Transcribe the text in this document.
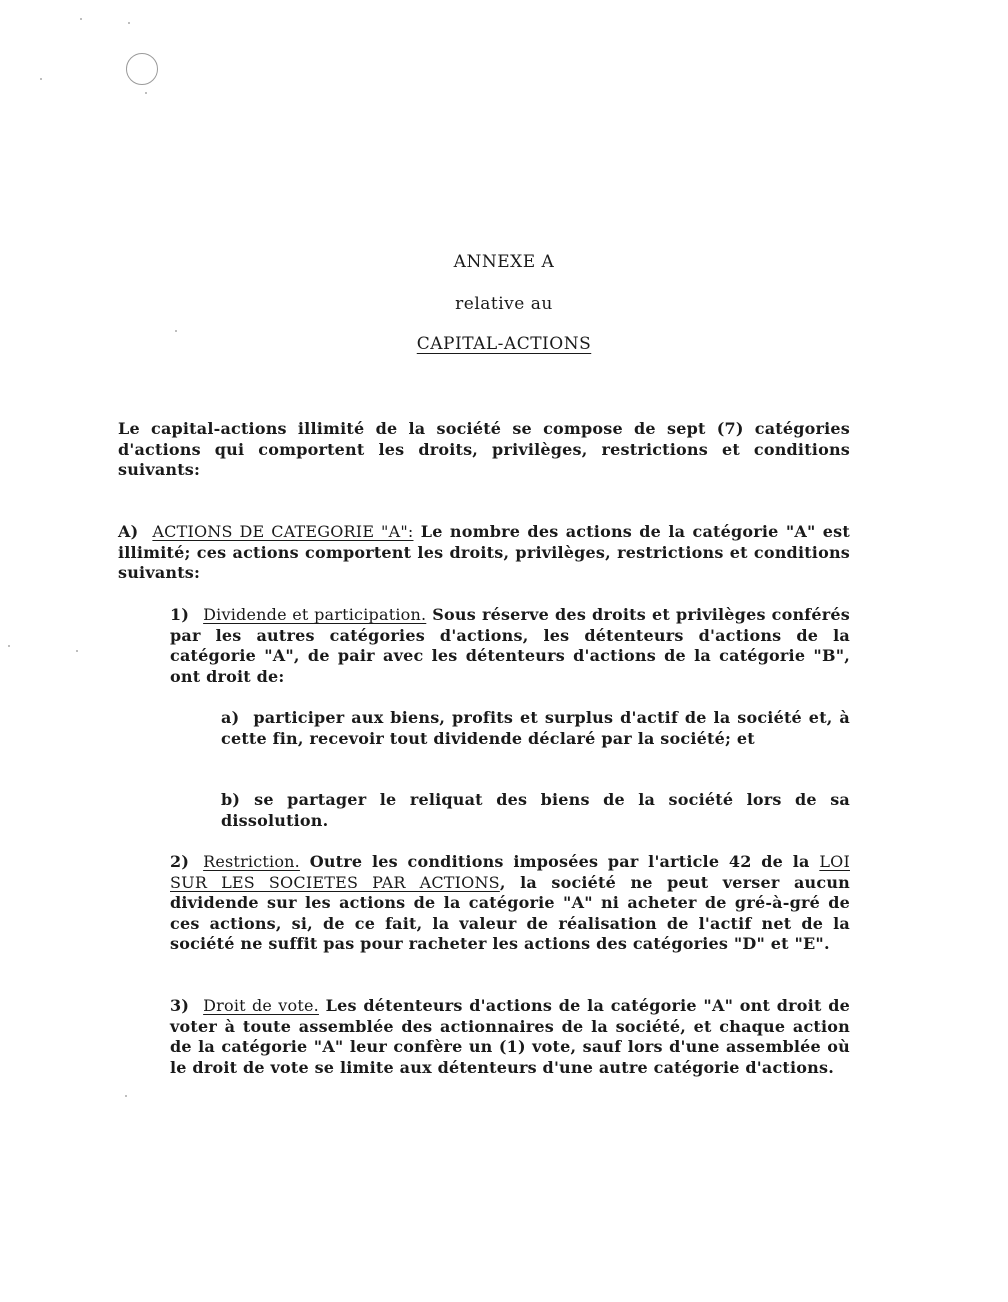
ANNEXE A
relative au
CAPITAL-ACTIONS
Le capital-actions illimité de la société se compose de sept (7) catégories d'actions qui comportent les droits, privilèges, restrictions et conditions suivants:
A) ACTIONS DE CATEGORIE "A": Le nombre des actions de la catégorie "A" est illimité; ces actions comportent les droits, privilèges, restrictions et conditions suivants:
1) Dividende et participation. Sous réserve des droits et privilèges conférés par les autres catégories d'actions, les détenteurs d'actions de la catégorie "A", de pair avec les détenteurs d'actions de la catégorie "B", ont droit de:
a) participer aux biens, profits et surplus d'actif de la société et, à cette fin, recevoir tout dividende déclaré par la société; et
b) se partager le reliquat des biens de la société lors de sa dissolution.
2) Restriction. Outre les conditions imposées par l'article 42 de la LOI SUR LES SOCIETES PAR ACTIONS, la société ne peut verser aucun dividende sur les actions de la catégorie "A" ni acheter de gré-à-gré de ces actions, si, de ce fait, la valeur de réalisation de l'actif net de la société ne suffit pas pour racheter les actions des catégories "D" et "E".
3) Droit de vote. Les détenteurs d'actions de la catégorie "A" ont droit de voter à toute assemblée des actionnaires de la société, et chaque action de la catégorie "A" leur confère un (1) vote, sauf lors d'une assemblée où le droit de vote se limite aux détenteurs d'une autre catégorie d'actions.
